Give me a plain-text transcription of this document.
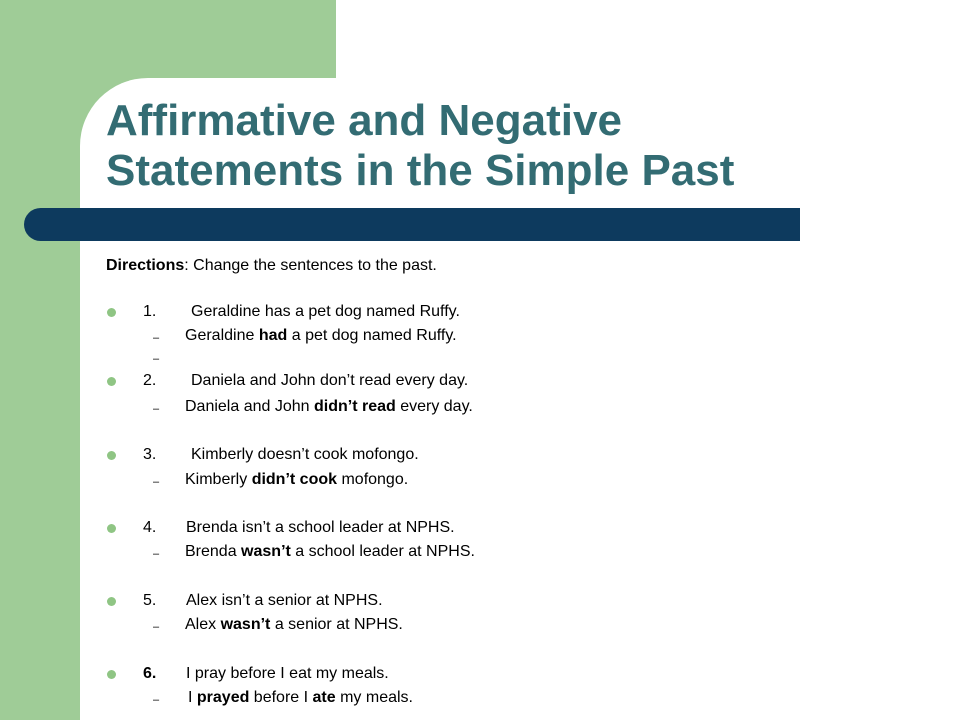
Affirmative and Negative
Statements in the Simple Past
Directions: Change the sentences to the past.
1. Geraldine has a pet dog named Ruffy.
– Geraldine had a pet dog named Ruffy.
–
2. Daniela and John don’t read every day.
– Daniela and John didn’t read every day.
3. Kimberly doesn’t cook mofongo.
– Kimberly didn’t cook mofongo.
4. Brenda isn’t a school leader at NPHS.
– Brenda wasn’t a school leader at NPHS.
5. Alex isn’t a senior at NPHS.
– Alex wasn’t a senior at NPHS.
6. I pray before I eat my meals.
– I prayed before I ate my meals.
